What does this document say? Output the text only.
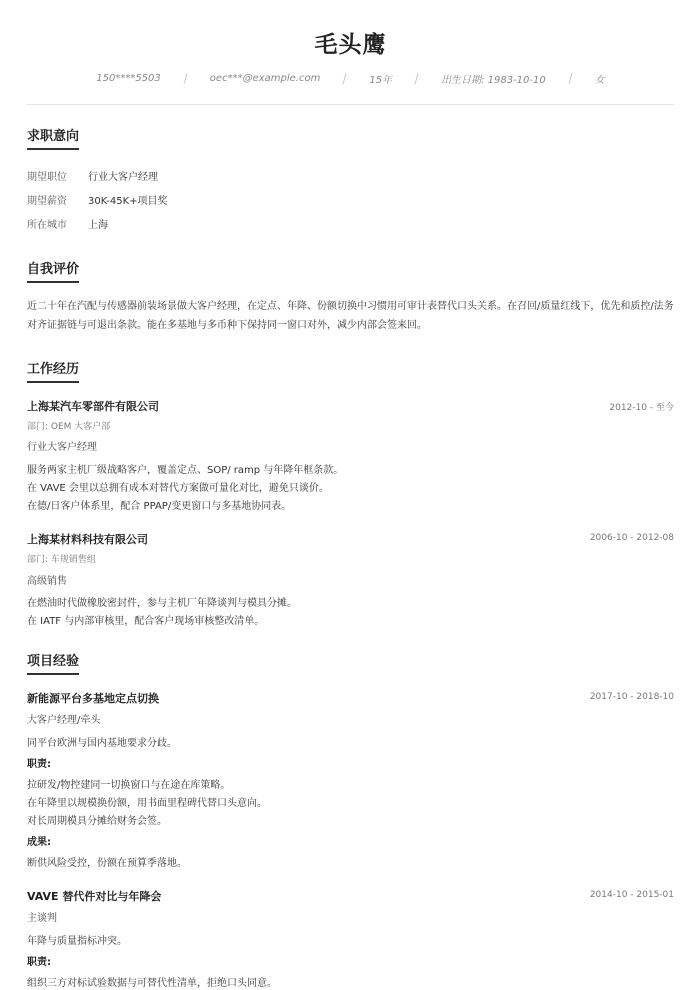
毛头鹰
150****5503	oec***@example.com	15年	出生日期: 1983-10-10	女
求职意向
期望职位	行业大客户经理
期望薪资	30K-45K+项目奖
所在城市	上海
自我评价
近二十年在汽配与传感器前装场景做大客户经理，在定点、年降、份额切换中习惯用可审计表替代口头关系。在召回/质量红线下，优先和质控/法务对齐证据链与可退出条款。能在多基地与多币种下保持同一窗口对外，减少内部会签来回。
工作经历
上海某汽车零部件有限公司	2012-10 - 至今
部门: OEM 大客户部
行业大客户经理
服务两家主机厂级战略客户，覆盖定点、SOP/ ramp 与年降年框条款。
在 VAVE 会里以总拥有成本对替代方案做可量化对比，避免只谈价。
在德/日客户体系里，配合 PPAP/变更窗口与多基地协同表。
上海某材料科技有限公司	2006-10 - 2012-08
部门: 车规销售组
高级销售
在燃油时代做橡胶密封件，参与主机厂年降谈判与模具分摊。
在 IATF 与内部审核里，配合客户现场审核整改清单。
项目经验
新能源平台多基地定点切换	2017-10 - 2018-10
大客户经理/牵头
同平台欧洲与国内基地要求分歧。
职责:
拉研发/物控建同一切换窗口与在途在库策略。
在年降里以规模换份额，用书面里程碑代替口头意向。
对长周期模具分摊给财务会签。
成果:
断供风险受控，份额在预算季落地。
VAVE 替代件对比与年降会	2014-10 - 2015-01
主谈判
年降与质量指标冲突。
职责:
组织三方对标试验数据与可替代性清单，拒绝口头同意。
